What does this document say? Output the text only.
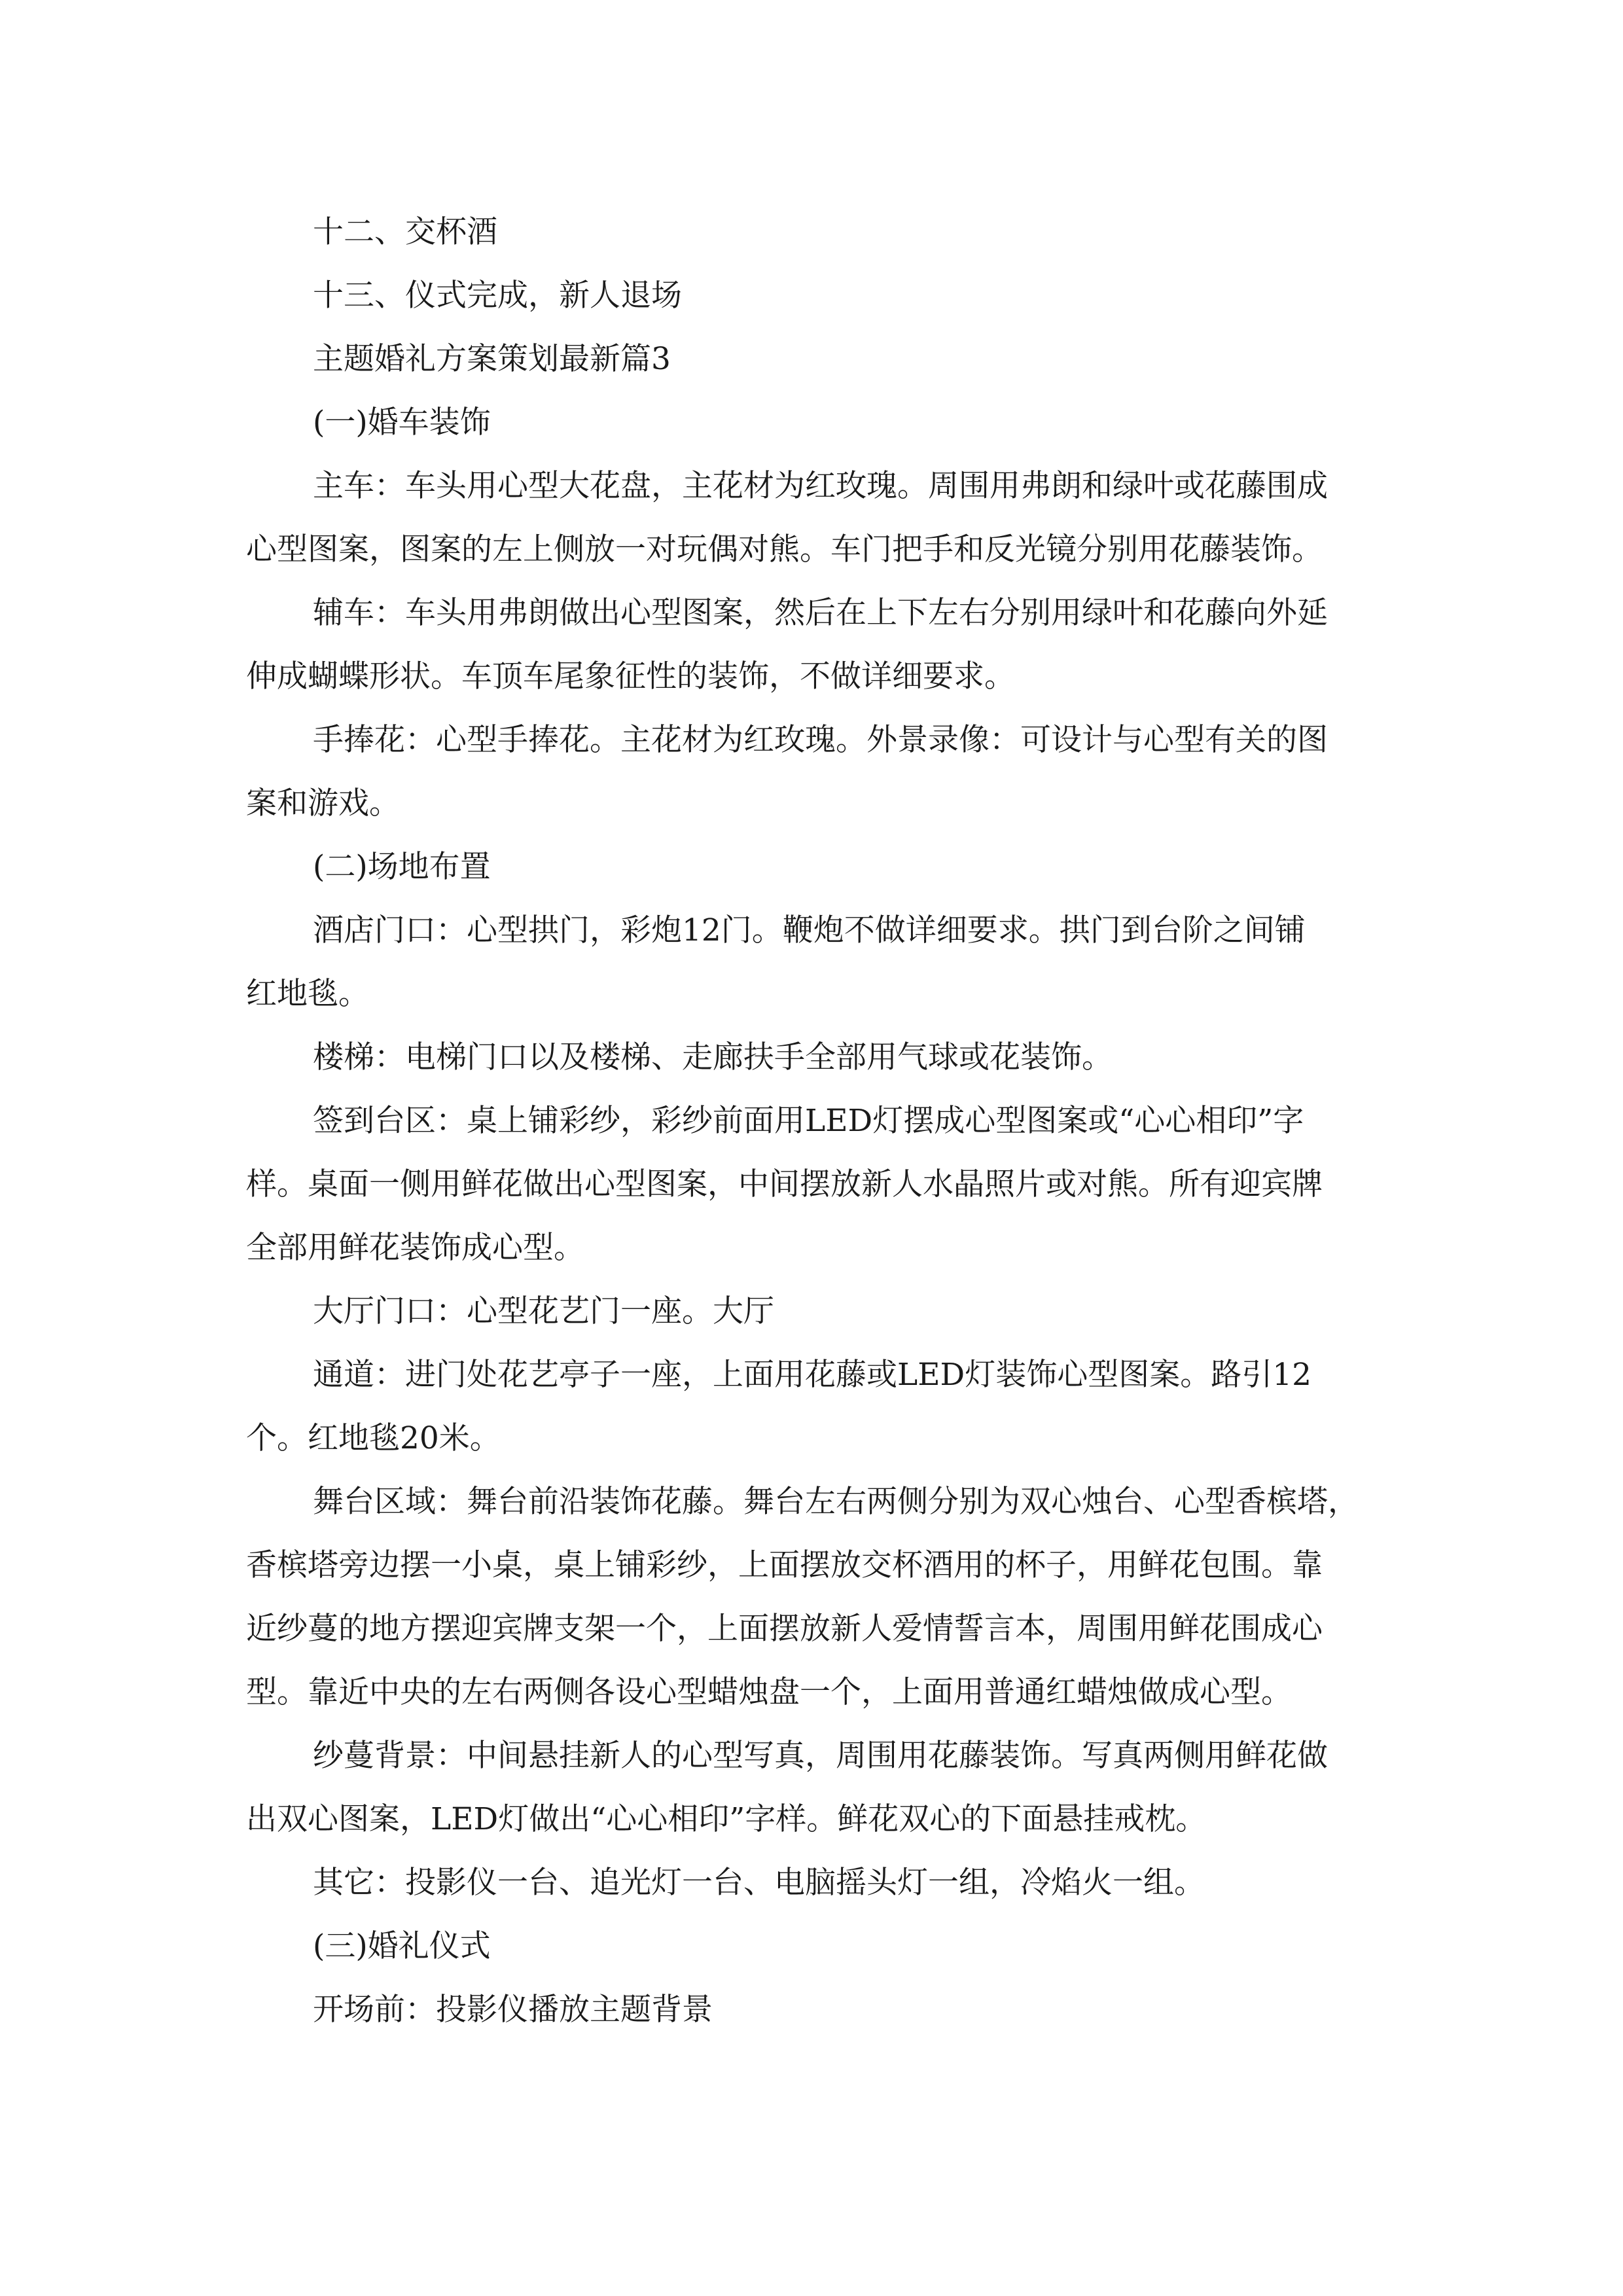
十二、交杯酒

十三、仪式完成，新人退场

主题婚礼方案策划最新篇3

(一)婚车装饰

主车：车头用心型大花盘，主花材为红玫瑰。周围用弗朗和绿叶或花藤围成

心型图案，图案的左上侧放一对玩偶对熊。车门把手和反光镜分别用花藤装饰。

辅车：车头用弗朗做出心型图案，然后在上下左右分别用绿叶和花藤向外延

伸成蝴蝶形状。车顶车尾象征性的装饰，不做详细要求。

手捧花：心型手捧花。主花材为红玫瑰。外景录像：可设计与心型有关的图

案和游戏。

(二)场地布置

酒店门口：心型拱门，彩炮12门。鞭炮不做详细要求。拱门到台阶之间铺

红地毯。

楼梯：电梯门口以及楼梯、走廊扶手全部用气球或花装饰。

签到台区：桌上铺彩纱，彩纱前面用LED灯摆成心型图案或“心心相印”字

样。桌面一侧用鲜花做出心型图案，中间摆放新人水晶照片或对熊。所有迎宾牌

全部用鲜花装饰成心型。

大厅门口：心型花艺门一座。大厅

通道：进门处花艺亭子一座，上面用花藤或LED灯装饰心型图案。路引12

个。红地毯20米。

舞台区域：舞台前沿装饰花藤。舞台左右两侧分别为双心烛台、心型香槟塔，

香槟塔旁边摆一小桌，桌上铺彩纱，上面摆放交杯酒用的杯子，用鲜花包围。靠

近纱蔓的地方摆迎宾牌支架一个，上面摆放新人爱情誓言本，周围用鲜花围成心

型。靠近中央的左右两侧各设心型蜡烛盘一个，上面用普通红蜡烛做成心型。

纱蔓背景：中间悬挂新人的心型写真，周围用花藤装饰。写真两侧用鲜花做

出双心图案，LED灯做出“心心相印”字样。鲜花双心的下面悬挂戒枕。

其它：投影仪一台、追光灯一台、电脑摇头灯一组，冷焰火一组。

(三)婚礼仪式

开场前：投影仪播放主题背景
